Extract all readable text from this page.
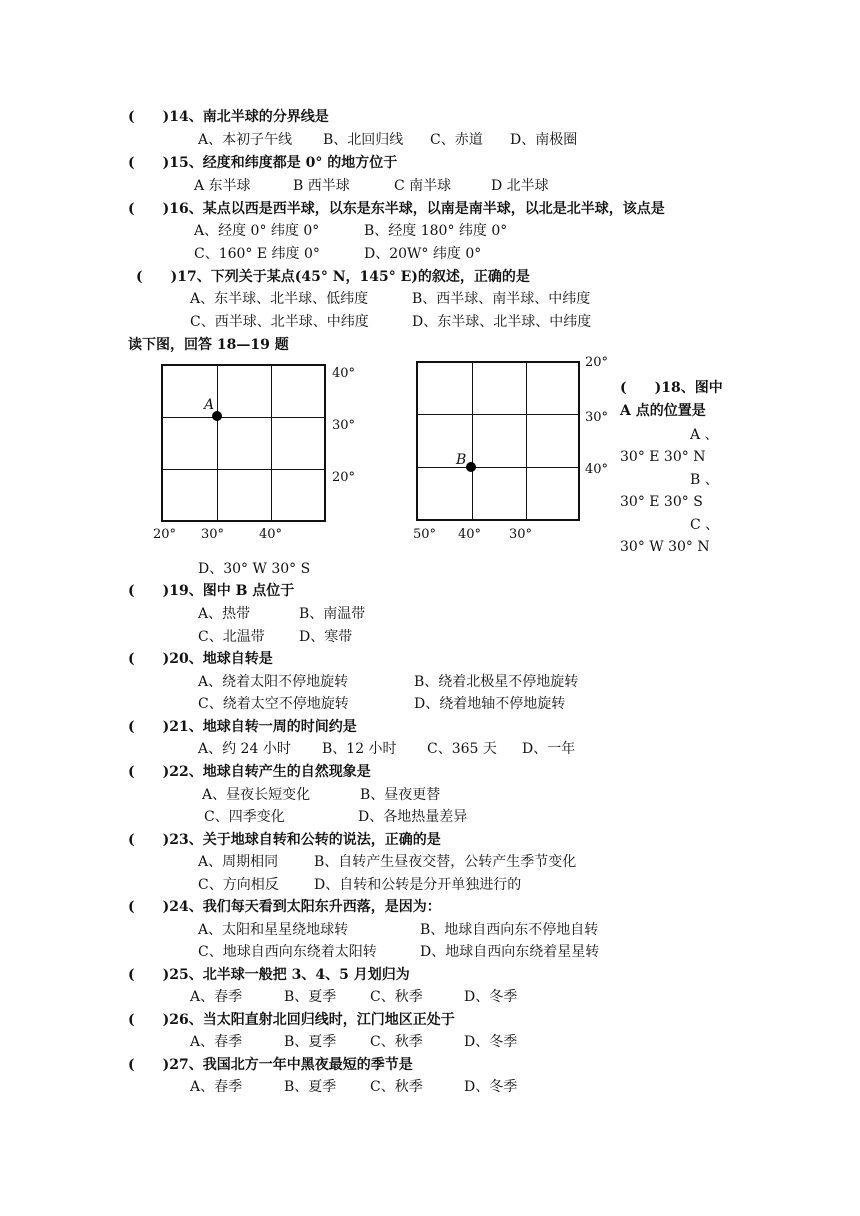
(　　)14、南北半球的分界线是
A、本初子午线 B、北回归线 C、赤道 D、南极圈
(　　)15、经度和纬度都是 0° 的地方位于
A 东半球	B 西半球	C 南半球	D 北半球
(　　)16、某点以西是西半球，以东是东半球，以南是南半球，以北是北半球，该点是
A、经度 0° 纬度 0°	B、经度 180° 纬度 0°
C、160° E 纬度 0°	D、20W° 纬度 0°
(　　)17、下列关于某点(45° N，145° E)的叙述，正确的是
A、东半球、北半球、低纬度	B、西半球、南半球、中纬度
C、西半球、北半球、中纬度	D、东半球、北半球、中纬度
读下图，回答 18—19 题
A
40°
30°
20°
20° 30°	40°
B
20°
30°
40°
50° 40° 30°
(　　)18、图中
A 点的位置是
A 、
30° E 30° N
B 、
30° E 30° S
C 、
30° W 30° N
D、30° W 30° S
(　　)19、图中 B 点位于
A、热带	B、南温带
C、北温带 D、寒带
(　　)20、地球自转是
A、绕着太阳不停地旋转	B、绕着北极星不停地旋转
C、绕着太空不停地旋转	D、绕着地轴不停地旋转
(　　)21、地球自转一周的时间约是
A、约 24 小时 B、12 小时 C、365 天 D、一年
(　　)22、地球自转产生的自然现象是
A、昼夜长短变化	B、昼夜更替
C、四季变化	D、各地热量差异
(　　)23、关于地球自转和公转的说法，正确的是
A、周期相同	B、自转产生昼夜交替，公转产生季节变化
C、方向相反	D、自转和公转是分开单独进行的
(　　)24、我们每天看到太阳东升西落，是因为：
A、太阳和星星绕地球转	B、地球自西向东不停地自转
C、地球自西向东绕着太阳转	D、地球自西向东绕着星星转
(　　)25、北半球一般把 3、4、5 月划归为
A、春季	B、夏季 C、秋季	D、冬季
(　　)26、当太阳直射北回归线时，江门地区正处于
A、春季	B、夏季 C、秋季	D、冬季
(　　)27、我国北方一年中黑夜最短的季节是
A、春季	B、夏季 C、秋季	D、冬季
